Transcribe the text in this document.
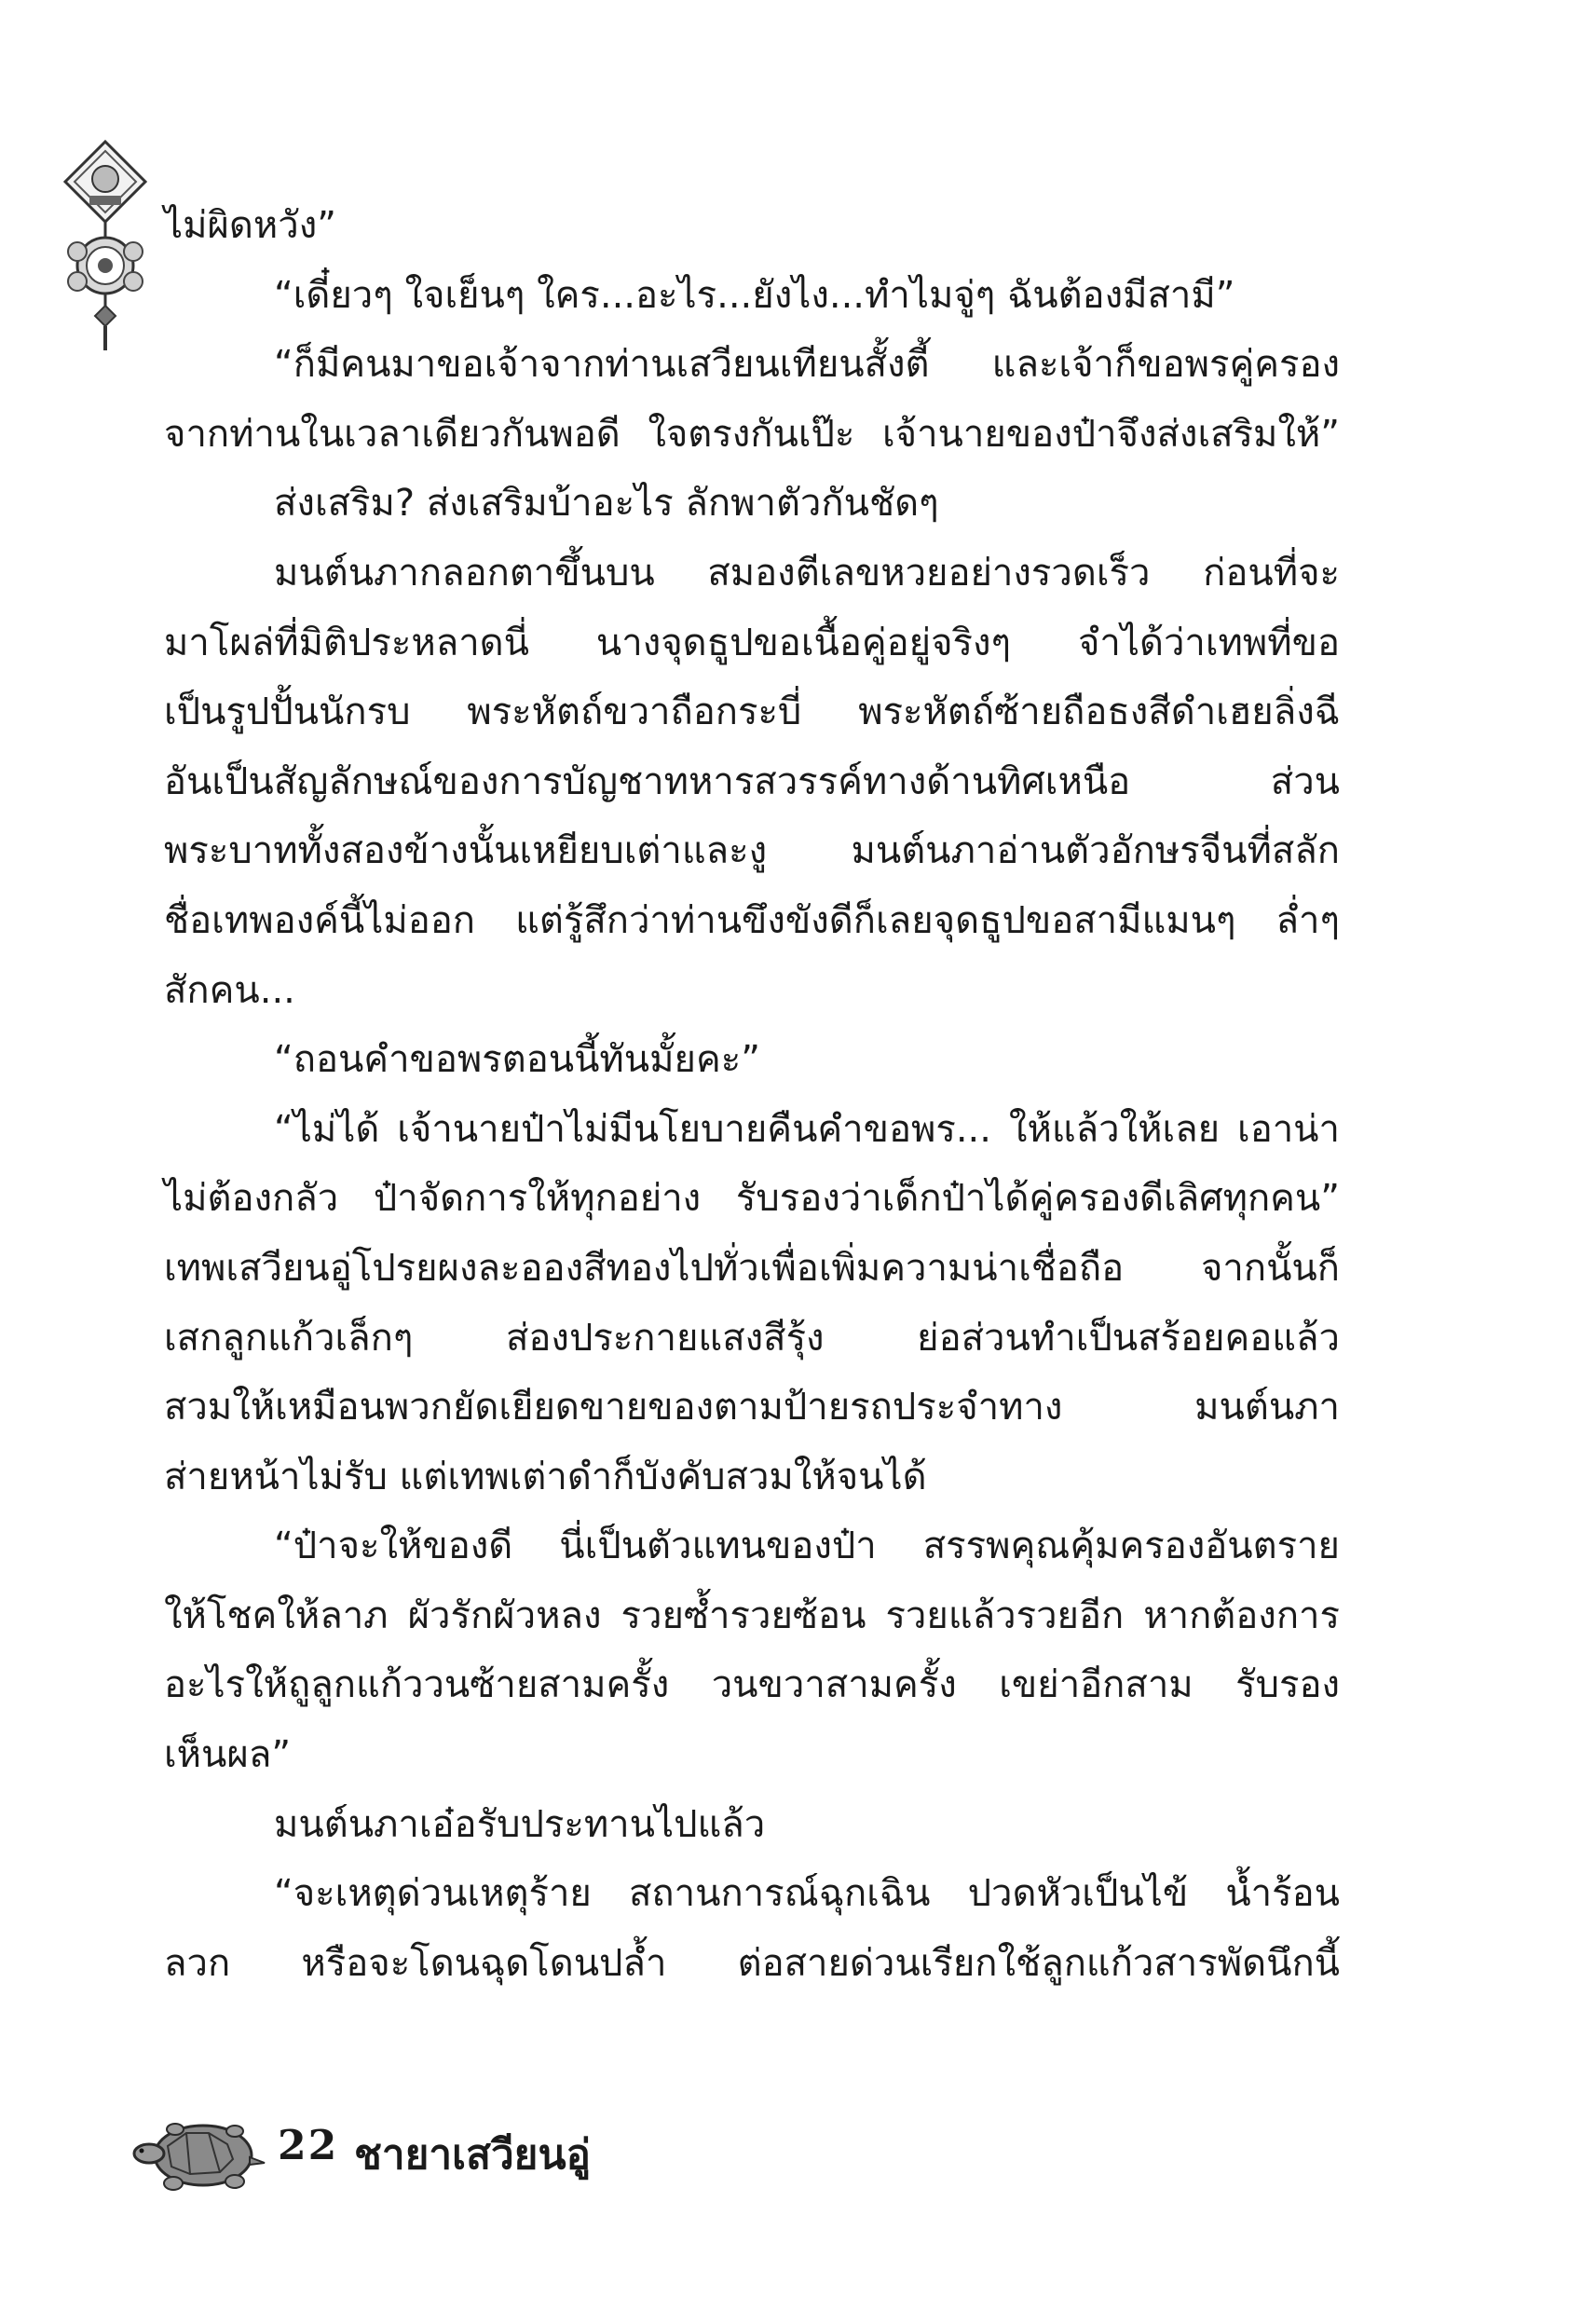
ไม่ผิดหวัง”
“เดี๋ยวๆ ใจเย็นๆ ใคร...อะไร...ยังไง...ทำไมจู่ๆ ฉันต้องมีสามี”
“ก็มีคนมาขอเจ้าจากท่านเสวียนเทียนสั้งตี้ และเจ้าก็ขอพรคู่ครอง
จากท่านในเวลาเดียวกันพอดี ใจตรงกันเป๊ะ เจ้านายของป๋าจึงส่งเสริมให้”
ส่งเสริม? ส่งเสริมบ้าอะไร ลักพาตัวกันชัดๆ
มนต์นภากลอกตาขึ้นบน สมองตีเลขหวยอย่างรวดเร็ว ก่อนที่จะ
มาโผล่ที่มิติประหลาดนี่ นางจุดธูปขอเนื้อคู่อยู่จริงๆ จำได้ว่าเทพที่ขอ
เป็นรูปปั้นนักรบ พระหัตถ์ขวาถือกระบี่ พระหัตถ์ซ้ายถือธงสีดำเฮยลิ่งฉี
อันเป็นสัญลักษณ์ของการบัญชาทหารสวรรค์ทางด้านทิศเหนือ ส่วน
พระบาททั้งสองข้างนั้นเหยียบเต่าและงู มนต์นภาอ่านตัวอักษรจีนที่สลัก
ชื่อเทพองค์นี้ไม่ออก แต่รู้สึกว่าท่านขึงขังดีก็เลยจุดธูปขอสามีแมนๆ ล่ำๆ
สักคน...
“ถอนคำขอพรตอนนี้ทันมั้ยคะ”
“ไม่ได้ เจ้านายป๋าไม่มีนโยบายคืนคำขอพร... ให้แล้วให้เลย เอาน่า
ไม่ต้องกลัว ป๋าจัดการให้ทุกอย่าง รับรองว่าเด็กป๋าได้คู่ครองดีเลิศทุกคน”
เทพเสวียนอู่โปรยผงละอองสีทองไปทั่วเพื่อเพิ่มความน่าเชื่อถือ จากนั้นก็
เสกลูกแก้วเล็กๆ ส่องประกายแสงสีรุ้ง ย่อส่วนทำเป็นสร้อยคอแล้ว
สวมให้เหมือนพวกยัดเยียดขายของตามป้ายรถประจำทาง มนต์นภา
ส่ายหน้าไม่รับ แต่เทพเต่าดำก็บังคับสวมให้จนได้
“ป๋าจะให้ของดี นี่เป็นตัวแทนของป๋า สรรพคุณคุ้มครองอันตราย
ให้โชคให้ลาภ ผัวรักผัวหลง รวยซ้ำรวยซ้อน รวยแล้วรวยอีก หากต้องการ
อะไรให้ถูลูกแก้ววนซ้ายสามครั้ง วนขวาสามครั้ง เขย่าอีกสาม รับรอง
เห็นผล”
มนต์นภาเอ๋อรับประทานไปแล้ว
“จะเหตุด่วนเหตุร้าย สถานการณ์ฉุกเฉิน ปวดหัวเป็นไข้ น้ำร้อน
ลวก หรือจะโดนฉุดโดนปล้ำ ต่อสายด่วนเรียกใช้ลูกแก้วสารพัดนึกนี้
22 ชายาเสวียนอู่
